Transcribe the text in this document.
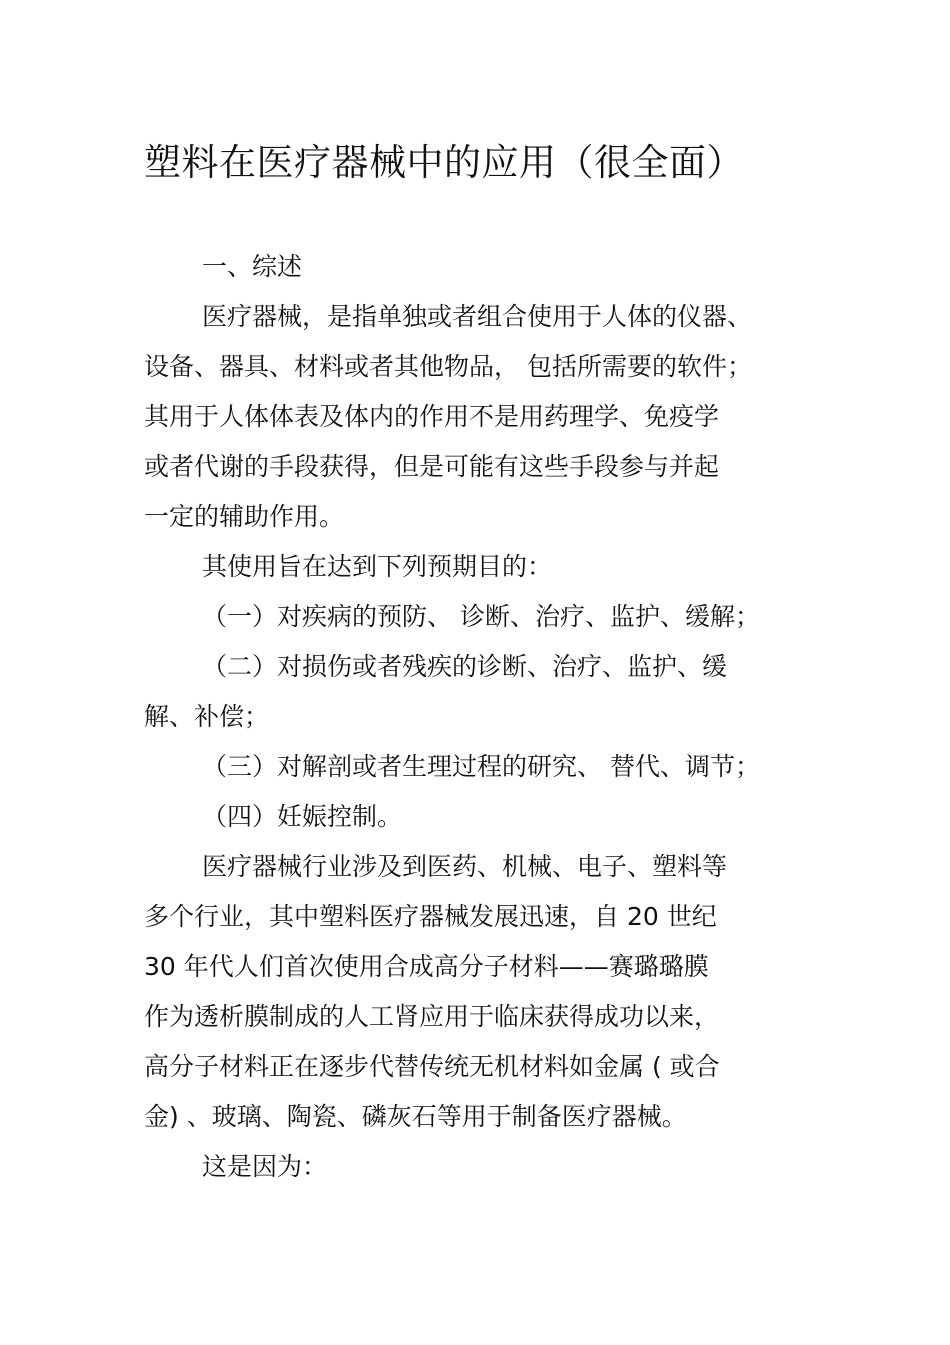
塑料在医疗器械中的应用（很全面）
一、综述
医疗器械，是指单独或者组合使用于人体的仪器、
设备、器具、材料或者其他物品， 包括所需要的软件；
其用于人体体表及体内的作用不是用药理学、免疫学
或者代谢的手段获得，但是可能有这些手段参与并起
一定的辅助作用。
其使用旨在达到下列预期目的：
（一）对疾病的预防、 诊断、治疗、监护、缓解；
（二）对损伤或者残疾的诊断、治疗、监护、缓
解、补偿；
（三）对解剖或者生理过程的研究、 替代、调节；
（四）妊娠控制。
医疗器械行业涉及到医药、机械、电子、塑料等
多个行业，其中塑料医疗器械发展迅速，自 20 世纪
30 年代人们首次使用合成高分子材料——赛璐璐膜
作为透析膜制成的人工肾应用于临床获得成功以来，
高分子材料正在逐步代替传统无机材料如金属 ( 或合
金) 、玻璃、陶瓷、磷灰石等用于制备医疗器械。
这是因为：
